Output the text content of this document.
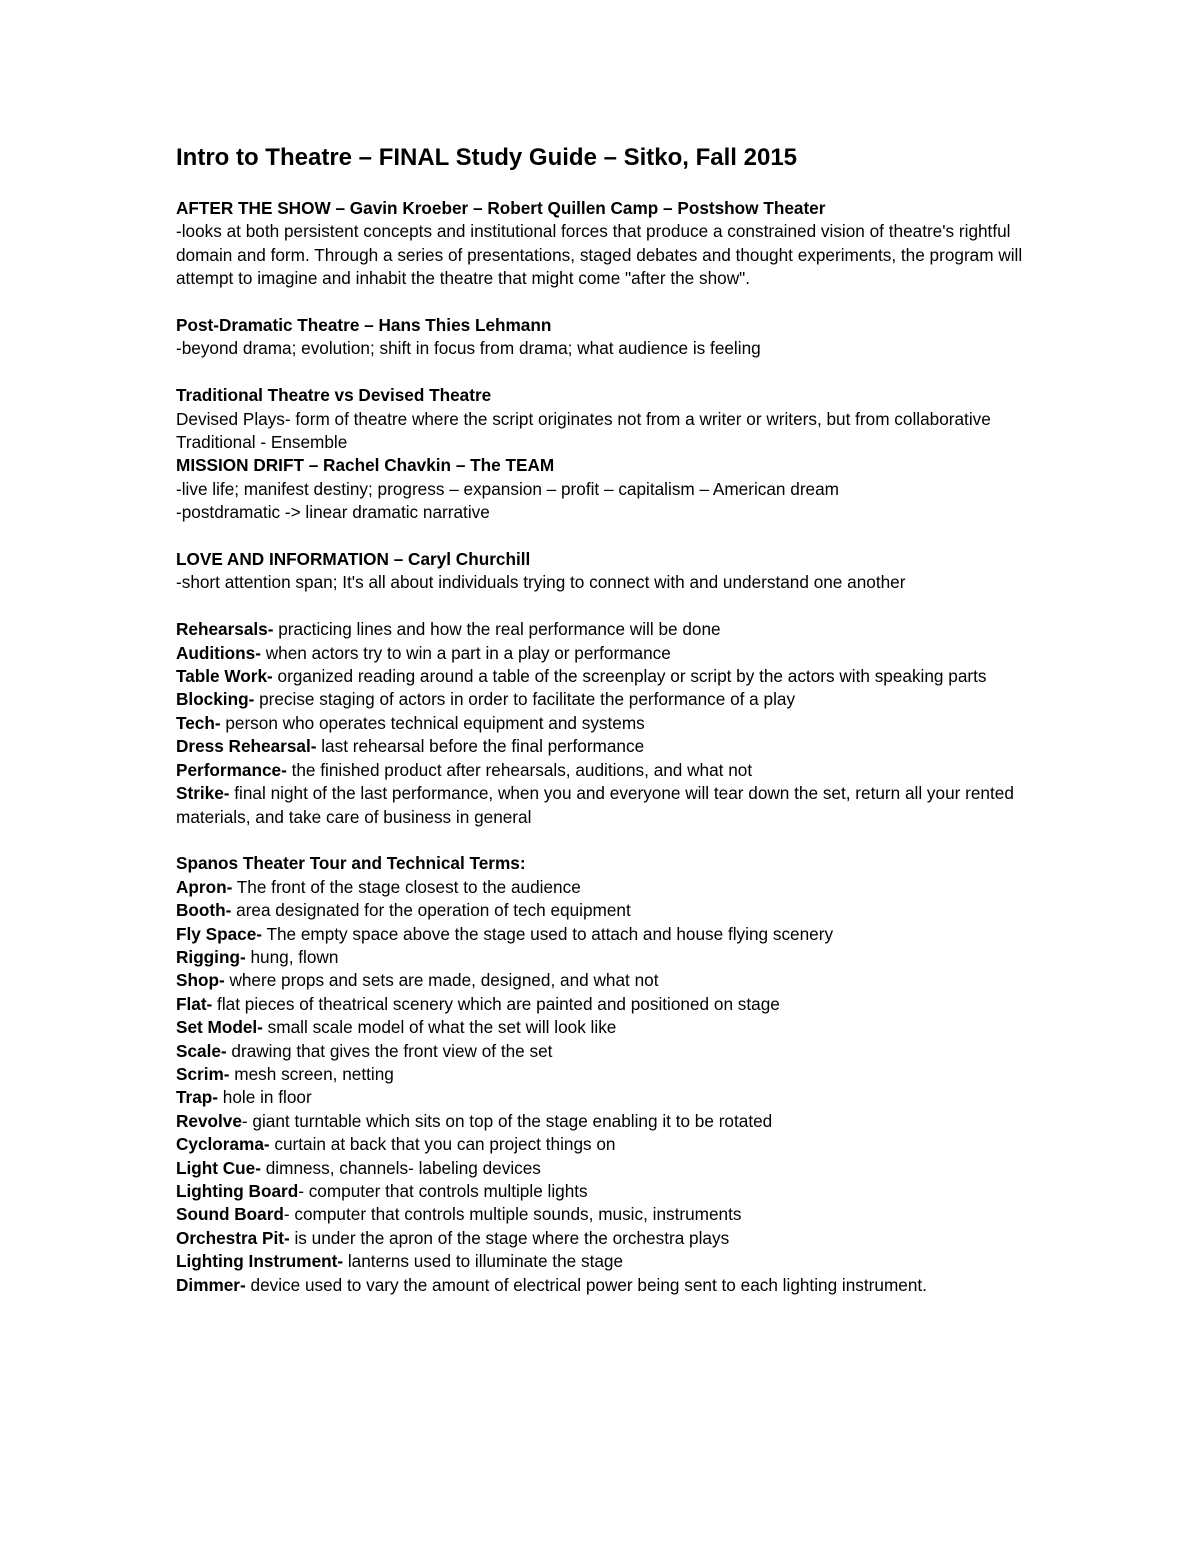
Intro to Theatre – FINAL Study Guide – Sitko, Fall 2015

AFTER THE SHOW – Gavin Kroeber – Robert Quillen Camp – Postshow Theater

-looks at both persistent concepts and institutional forces that produce a constrained vision of theatre's rightful domain and form. Through a series of presentations, staged debates and thought experiments, the program will attempt to imagine and inhabit the theatre that might come "after the show".

Post-Dramatic Theatre – Hans Thies Lehmann

-beyond drama; evolution; shift in focus from drama; what audience is feeling

Traditional Theatre vs Devised Theatre

Devised Plays- form of theatre where the script originates not from a writer or writers, but from collaborative

Traditional - Ensemble

MISSION DRIFT – Rachel Chavkin – The TEAM

-live life; manifest destiny; progress – expansion – profit – capitalism – American dream

-postdramatic -> linear dramatic narrative

LOVE AND INFORMATION – Caryl Churchill

-short attention span; It's all about individuals trying to connect with and understand one another

Rehearsals- practicing lines and how the real performance will be done

Auditions- when actors try to win a part in a play or performance

Table Work- organized reading around a table of the screenplay or script by the actors with speaking parts

Blocking- precise staging of actors in order to facilitate the performance of a play

Tech- person who operates technical equipment and systems

Dress Rehearsal- last rehearsal before the final performance

Performance- the finished product after rehearsals, auditions, and what not

Strike- final night of the last performance, when you and everyone will tear down the set, return all your rented materials, and take care of business in general

Spanos Theater Tour and Technical Terms:

Apron- The front of the stage closest to the audience

Booth- area designated for the operation of tech equipment

Fly Space- The empty space above the stage used to attach and house flying scenery

Rigging- hung, flown

Shop- where props and sets are made, designed, and what not

Flat- flat pieces of theatrical scenery which are painted and positioned on stage

Set Model- small scale model of what the set will look like

Scale- drawing that gives the front view of the set

Scrim- mesh screen, netting

Trap- hole in floor

Revolve- giant turntable which sits on top of the stage enabling it to be rotated

Cyclorama- curtain at back that you can project things on

Light Cue- dimness, channels- labeling devices

Lighting Board- computer that controls multiple lights

Sound Board- computer that controls multiple sounds, music, instruments

Orchestra Pit- is under the apron of the stage where the orchestra plays

Lighting Instrument- lanterns used to illuminate the stage

Dimmer- device used to vary the amount of electrical power being sent to each lighting instrument.
